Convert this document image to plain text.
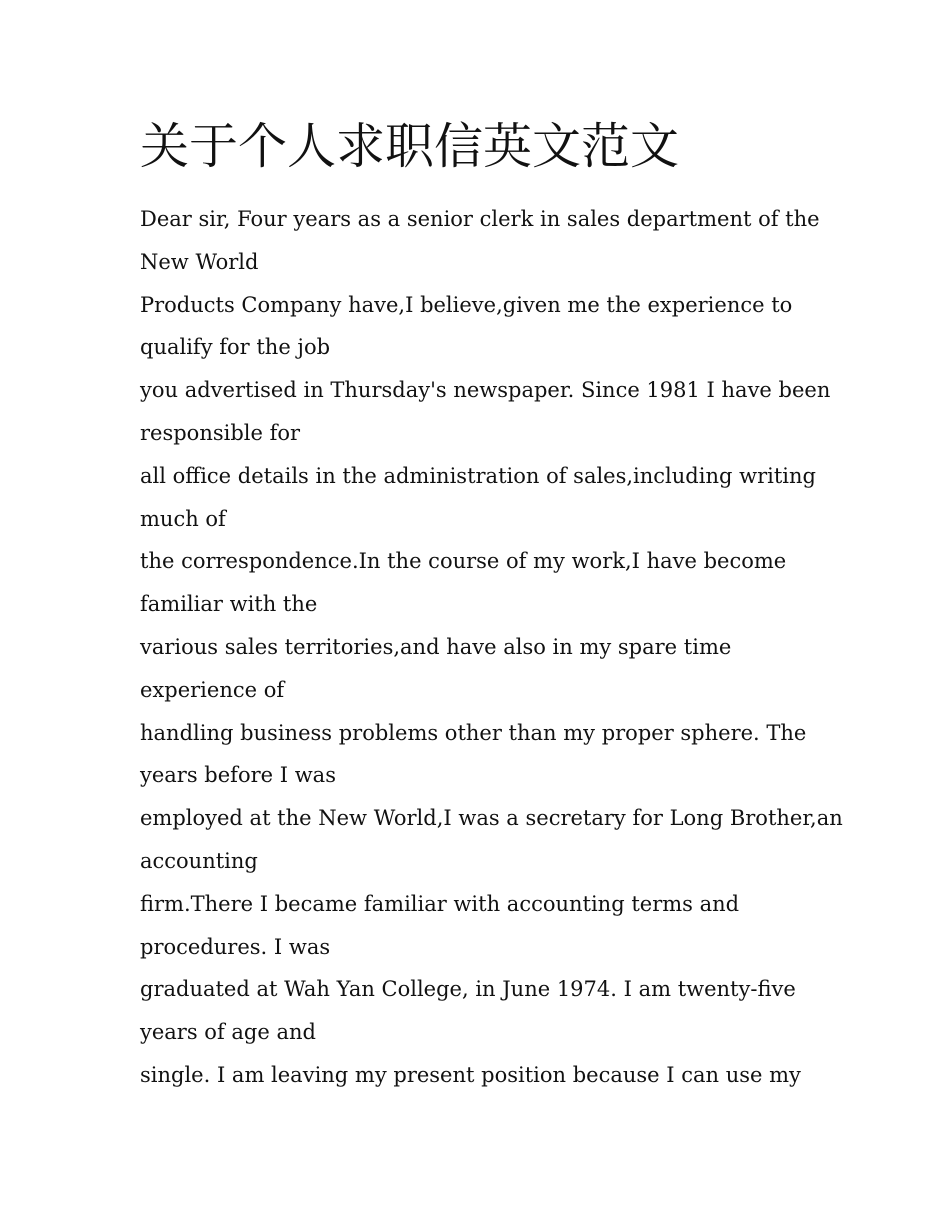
关于个人求职信英文范文
Dear sir, Four years as a senior clerk in sales department of the
New World
Products Company have,I believe,given me the experience to
qualify for the job
you advertised in Thursday's newspaper. Since 1981 I have been
responsible for
all office details in the administration of sales,including writing
much of
the correspondence.In the course of my work,I have become
familiar with the
various sales territories,and have also in my spare time
experience of
handling business problems other than my proper sphere. The
years before I was
employed at the New World,I was a secretary for Long Brother,an
accounting
firm.There I became familiar with accounting terms and
procedures. I was
graduated at Wah Yan College, in June 1974. I am twenty-five
years of age and
single. I am leaving my present position because I can use my
